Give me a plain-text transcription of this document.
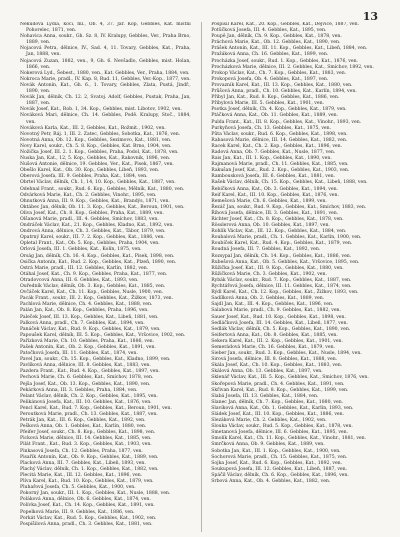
13
Nekudova Lydia, kočí, ml., Ob. 4, 37. Jar. Kop, Gebbles, Kat. mistní Pohorelec, 1871, ven.
Nohavica Anna, soukr., Gh. Sz. 8, IV. Kralupy, Gebbles, Ver., Praha Brno, 1889, ven.
Nojacová Petra, dělnice, IV., Sad. 4, 11. Tovary, Gebbles, Kat., Praha, Jan, 1888, ven.
Nojacová Zuzan, 1882, ven., 9, Gh. 6. Nevšadlo, Gebbles, mist. Holan, 1866, ven.
Nokerová Lyd., Šebest., 1880, ven., Kat. Gebbles, Ver., Praha, 1884, ven.
Nokroca Marie, pradl., IV. Kap. 8, Rud. 11, Gebbles, Ver.-Kop., 1877, ven.
Novák Antonín, Kat., Gh. 6., 1. Tovary, Gebbles, Zlata, Pustá, Jindř., 1890, ven.
Novák Jan, dělník, Ch. 12. 2, Svatoj. Adolf, Gebbles, Pustak, Praha, Jan, 1887, ven.
Novák Josef, Kat., Rob. 1, 34. Kop., Gebbles, mist. Libotov, 1902, ven.
Nováková Mari, dělnice, Ch. 14. Gebbles, Podě. Kralupy, Stoč., 1884, ven.
Nováková Karla, Kat., III. 2, Gebbles, Kat., Rožmit., 1902, ven.
Novotný Petr, Ráj. 1, III. 2. Zatec, Gebbles, Sobotka, Kat., 1876, ven.
Novotná Anna, Ob. 12. Kop., Gebbles, Sezimovo, Kat., 1881, ven.
Novy Karel, soukr., Ch. 5. 8. Kop., Gebbles, Kat. Brno, 1904, ven.
Nožička Josef, III. 2. 1. Kop., Gebbles, Praha, Podol, Kat., 1878, ven.
Nuska Jan, Kat., 12, 5. Kop., Gebbles, Kat., Rakovnik, 1896, ven.
Nušová Antonie, dělnice, 19. Gebbles, Ver., Kat., Pisek, 1867, ven.
Obešlo Karel, Kat., Ob. 30. Kop., Gebbles, Libeň, 1893, ven.
Oberová Josefa, III. 9. Gebbles, Praha, Kat., 1884, ven.
Obrtel Václav, dělník, Ch. 1, 14, 10. Kop., Gebbles, Kat., 1887, ven.
Odehnal Frant., soukr., Rud. 6. Kop., Gebbles, Mělník, Kat., 1880, ven.
Odvárková Marie, Kat., Ch. 2. Gebbles, Vinohr., 1895, ven.
Ohnutková Anna, III. 9. Kop., Gebbles, Kat., Brandýs, 1871, ven.
Oktábec Jan, dělník, Ob. 11. 3. Kop., Gebbles, Kat., Beroun, 1901, ven.
Oliva Josef, Kat., Ch. 8. Kop., Gebbles, Praha, Kat., 1889, ven.
Olšanová Marie, pradl., III. 4. Gebbles, Smíchov, 1883, ven.
Ondráček Václav, Kat., 21. Kop., Gebbles, Kladno, Kat., 1892, ven.
Ondrová Anna, dělnice, Ch. 3. Gebbles, Kat., Tábor, 1879, ven.
Opatrný Karel, soukr., III. 7. 2. Kop., Gebbles, Kat., 1886, ven.
Opletal Frant., Kat., Ob. 5. Kop., Gebbles, Praha, 1904, ven.
Orlová Josefa, III. 1. Gebbles, Kat., Kolín, 1875, ven.
Orság Jan, dělník, Ch. 16. 4. Kop., Gebbles, Kat., Písek, 1898, ven.
Osička Antonín, Kat., Rud. 2. Kop., Gebbles, Kat., Plzeň, 1890, ven.
Ostrá Marie, pradl., III. 12. Gebbles, Karlín, 1882, ven.
Otáhal Josef, Kat., Ch. 9. Kop., Gebbles, Praha, Kat., 1877, ven.
Otradovcová Anna, III. 6. Gebbles, Kat., 1893, ven.
Ouředník Václav, dělník, Ob. 3. Kop., Gebbles, Kat., 1885, ven.
Ovčáček Karel, Kat., Ch. 11. Kop., Gebbles, Nusle, 1900, ven.
Pacák Frant., soukr., III. 2. Kop., Gebbles, Kat., Žižkov, 1873, ven.
Pachlová Marie, dělnice, Ch. 4. Gebbles, Kat., 1888, ven.
Palán Jan, Kat., Ob. 8. Kop., Gebbles, Praha, 1896, ven.
Paleček Josef, III. 13. Kop., Gebbles, Kat., Libeň, 1881, ven.
Palková Anna, pradl., Ch. 7. Gebbles, Kat., 1894, ven.
Panáček Václav, Kat., Rud. 9. Kop., Gebbles, Kat., 1879, ven.
Papoušek Karel, dělník, III. 5. Kop., Gebbles, Kat., Vršovice, 1902, ven.
Pařízková Marie, Ch. 10. Gebbles, Praha, Kat., 1886, ven.
Pašek Antonín, Kat., Ob. 2. Kop., Gebbles, Kat., 1891, ven.
Patočková Josefa, III. 11. Gebbles, Kat., 1874, ven.
Pavel Jan, soukr., Ch. 15. Kop., Gebbles, Kat., Kladno, 1899, ven.
Pavlíková Anna, dělnice, III. 8. Gebbles, Kat., 1883, ven.
Pazdera Frant., Kat., Rud. 4. Kop., Gebbles, Kat., 1897, ven.
Pechová Marie, Ch. 6. Gebbles, Kat., Smíchov, 1878, ven.
Pejša Josef, Kat., Ob. 13. Kop., Gebbles, Kat., 1890, ven.
Pekárková Anna, III. 3. Gebbles, Praha, 1884, ven.
Pelant Václav, dělník, Ch. 2. Kop., Gebbles, Kat., 1895, ven.
Pelikánová Josefa, Kat., III. 10. Gebbles, Kat., 1876, ven.
Pencl Karel, Kat., Rud. 7. Kop., Gebbles, Kat., Beroun, 1901, ven.
Peroutková Marie, pradl., Ch. 13. Gebbles, Kat., 1887, ven.
Petrák Jan, Kat., III. 6. Kop., Gebbles, Kat., 1892, ven.
Pešková Anna, Ob. 1. Gebbles, Kat., Karlín, 1880, ven.
Pfeifer Josef, soukr., Ch. 8. Kop., Gebbles, Kat., 1898, ven.
Picková Marie, dělnice, III. 14. Gebbles, Kat., 1885, ven.
Pilát Frant., Kat., Rud. 3. Kop., Gebbles, Kat., 1903, ven.
Pinkasová Josefa, Ch. 12. Gebbles, Praha, 1877, ven.
Pisařík Antonín, Kat., Ob. 9. Kop., Gebbles, Kat., 1889, ven.
Placková Anna, III. 7. Gebbles, Kat., Libeň, 1893, ven.
Plachý Václav, dělník, Ch. 1. Kop., Gebbles, Kat., 1882, ven.
Plecitá Marie, Kat., III. 12. Gebbles, Kat., 1896, ven.
Plíva Karel, Kat., Rud. 10. Kop., Gebbles, Kat., 1879, ven.
Pluhařová Josefa, Ch. 5. Gebbles, Kat., 1900, ven.
Pokorný Jan, soukr., III. 1. Kop., Gebbles, Kat., Nusle, 1888, ven.
Poláková Anna, dělnice, Ob. 6. Gebbles, Kat., 1874, ven.
Polívka Josef, Kat., Ch. 14. Kop., Gebbles, Kat., 1891, ven.
Popelková Marie, III. 9. Gebbles, Kat., 1886, ven.
Porkát Václav, Kat., Rud. 5. Kop., Gebbles, Kat., 1902, ven.
Pospíšilová Anna, pradl., Ch. 3. Gebbles, Kat., 1881, ven.
Pospíšil Karel, Kat., 20. Kop., Gebbles, Kat., Dejvice, 1887, ven.
Potůčková Josefa, III. 4. Gebbles, Kat., 1895, ven.
Poupě Jan, dělník, Ch. 9. Kop., Gebbles, Kat., 1878, ven.
Práchová Marie, Kat., Ob. 12. Gebbles, Kat., 1890, ven.
Prášek Antonín, Kat., III. 11. Kop., Gebbles, Kat., Libeň, 1884, ven.
Pražáková Anna, Ch. 16. Gebbles, Kat., 1899, ven.
Procházka Josef, soukr., Rud. 1. Kop., Gebbles, Kat., 1876, ven.
Procházková Marie, dělnice, III. 2. Gebbles, Kat., Smíchov, 1892, ven.
Prokop Václav, Kat., Ch. 7. Kop., Gebbles, Kat., 1883, ven.
Prokopová Josefa, Ob. 4. Gebbles, Kat., 1897, ven.
Provazník Karel, Kat., III. 13. Kop., Gebbles, Kat., 1880, ven.
Průšová Anna, pradl., Ch. 10. Gebbles, Kat., Karlín, 1894, ven.
Přibyl Jan, Kat., Rud. 8. Kop., Gebbles, Kat., 1886, ven.
Přibylová Marie, III. 5. Gebbles, Kat., 1901, ven.
Psotka Josef, dělník, Ch. 4. Kop., Gebbles, Kat., 1879, ven.
Ptáčková Anna, Kat., Ob. 11. Gebbles, Kat., 1889, ven.
Pulda Frant., Kat., III. 8. Kop., Gebbles, Kat., Vinohr., 1893, ven.
Purkyňová Josefa, Ch. 13. Gebbles, Kat., 1875, ven.
Půta Václav, soukr., Rud. 6. Kop., Gebbles, Kat., 1898, ven.
Rabasová Marie, dělnice, III. 14. Gebbles, Kat., 1882, ven.
Racek Karel, Kat., Ch. 2. Kop., Gebbles, Kat., 1896, ven.
Radová Anna, Ob. 7. Gebbles, Kat., Nusle, 1877, ven.
Rais Jan, Kat., III. 1. Kop., Gebbles, Kat., 1890, ven.
Rajmanová Marie, pradl., Ch. 11. Gebbles, Kat., 1885, ven.
Rakušan Josef, Kat., Rud. 2. Kop., Gebbles, Kat., 1903, ven.
Rambousková Josefa, III. 6. Gebbles, Kat., 1881, ven.
Rašek Václav, dělník, Ch. 15. Kop., Gebbles, Kat., Libeň, 1888, ven.
Řebíčková Anna, Kat., Ob. 3. Gebbles, Kat., 1894, ven.
Reif Karel, Kat., III. 10. Kop., Gebbles, Kat., 1876, ven.
Remešová Marie, Ch. 6. Gebbles, Kat., 1899, ven.
Řezáč Jan, soukr., Rud. 9. Kop., Gebbles, Kat., Smíchov, 1883, ven.
Říhová Josefa, dělnice, III. 3. Gebbles, Kat., 1891, ven.
Richter Josef, Kat., Ch. 8. Kop., Gebbles, Kat., 1878, ven.
Rösslerová Anna, Ob. 10. Gebbles, Kat., 1897, ven.
Rohlík Václav, Kat., III. 12. Kop., Gebbles, Kat., 1884, ven.
Roubalová Marie, pradl., Ch. 1. Gebbles, Kat., Karlín, 1900, ven.
Roubíček Karel, Kat., Rud. 4. Kop., Gebbles, Kat., 1879, ven.
Roudná Josefa, III. 7. Gebbles, Kat., 1892, ven.
Rozsypal Jan, dělník, Ch. 14. Kop., Gebbles, Kat., 1886, ven.
Rubešová Anna, Kat., Ob. 5. Gebbles, Kat., Vršovice, 1895, ven.
Růžička Josef, Kat., III. 9. Kop., Gebbles, Kat., 1880, ven.
Růžičková Marie, Ch. 3. Gebbles, Kat., 1902, ven.
Rybák Václav, soukr., Rud. 7. Kop., Gebbles, Kat., 1887, ven.
Rychtářová Josefa, dělnice, III. 11. Gebbles, Kat., 1874, ven.
Rýdl Karel, Kat., Ch. 12. Kop., Gebbles, Kat., Žižkov, 1893, ven.
Sadílková Anna, Ob. 2. Gebbles, Kat., 1889, ven.
Sajdl Jan, Kat., III. 4. Kop., Gebbles, Kat., 1896, ven.
Salabová Marie, pradl., Ch. 9. Gebbles, Kat., 1882, ven.
Sauer Josef, Kat., Rud. 10. Kop., Gebbles, Kat., 1898, ven.
Sedláčková Josefa, III. 14. Gebbles, Kat., Libeň, 1877, ven.
Sedlák Václav, dělník, Ch. 5. Kop., Gebbles, Kat., 1890, ven.
Seifertová Anna, Kat., Ob. 8. Gebbles, Kat., 1885, ven.
Sekera Karel, Kat., III. 2. Kop., Gebbles, Kat., 1901, ven.
Semerádová Marie, Ch. 16. Gebbles, Kat., 1879, ven.
Sieber Jan, soukr., Rud. 3. Kop., Gebbles, Kat., Nusle, 1894, ven.
Sirová Josefa, dělnice, III. 8. Gebbles, Kat., 1888, ven.
Skála Josef, Kat., Ch. 10. Kop., Gebbles, Kat., 1883, ven.
Skálová Anna, Ob. 13. Gebbles, Kat., 1897, ven.
Sklenář Václav, Kat., III. 5. Kop., Gebbles, Kat., Smíchov, 1876, ven.
Skořepová Marie, pradl., Ch. 4. Gebbles, Kat., 1891, ven.
Skřivan Karel, Kat., Rud. 8. Kop., Gebbles, Kat., 1899, ven.
Slabá Josefa, III. 13. Gebbles, Kat., 1884, ven.
Slanec Jan, dělník, Ch. 7. Kop., Gebbles, Kat., 1880, ven.
Slavíková Anna, Kat., Ob. 1. Gebbles, Kat., Karlín, 1893, ven.
Sládek Josef, Kat., III. 10. Kop., Gebbles, Kat., 1886, ven.
Slezáková Marie, Ch. 2. Gebbles, Kat., 1902, ven.
Slouka Václav, soukr., Rud. 5. Kop., Gebbles, Kat., 1878, ven.
Smetanová Josefa, dělnice, III. 6. Gebbles, Kat., 1895, ven.
Smolík Karel, Kat., Ch. 11. Kop., Gebbles, Kat., Vinohr., 1881, ven.
Smrčková Anna, Ob. 9. Gebbles, Kat., 1889, ven.
Sobotka Jan, Kat., III. 1. Kop., Gebbles, Kat., 1900, ven.
Sochorová Marie, pradl., Ch. 15. Gebbles, Kat., 1875, ven.
Sojka Josef, Kat., Rud. 6. Kop., Gebbles, Kat., 1892, ven.
Soukupová Josefa, III. 12. Gebbles, Kat., Libeň, 1887, ven.
Spáčil Václav, dělník, Ch. 6. Kop., Gebbles, Kat., 1896, ven.
Srbová Anna, Kat., Ob. 4. Gebbles, Kat., 1882, ven.
